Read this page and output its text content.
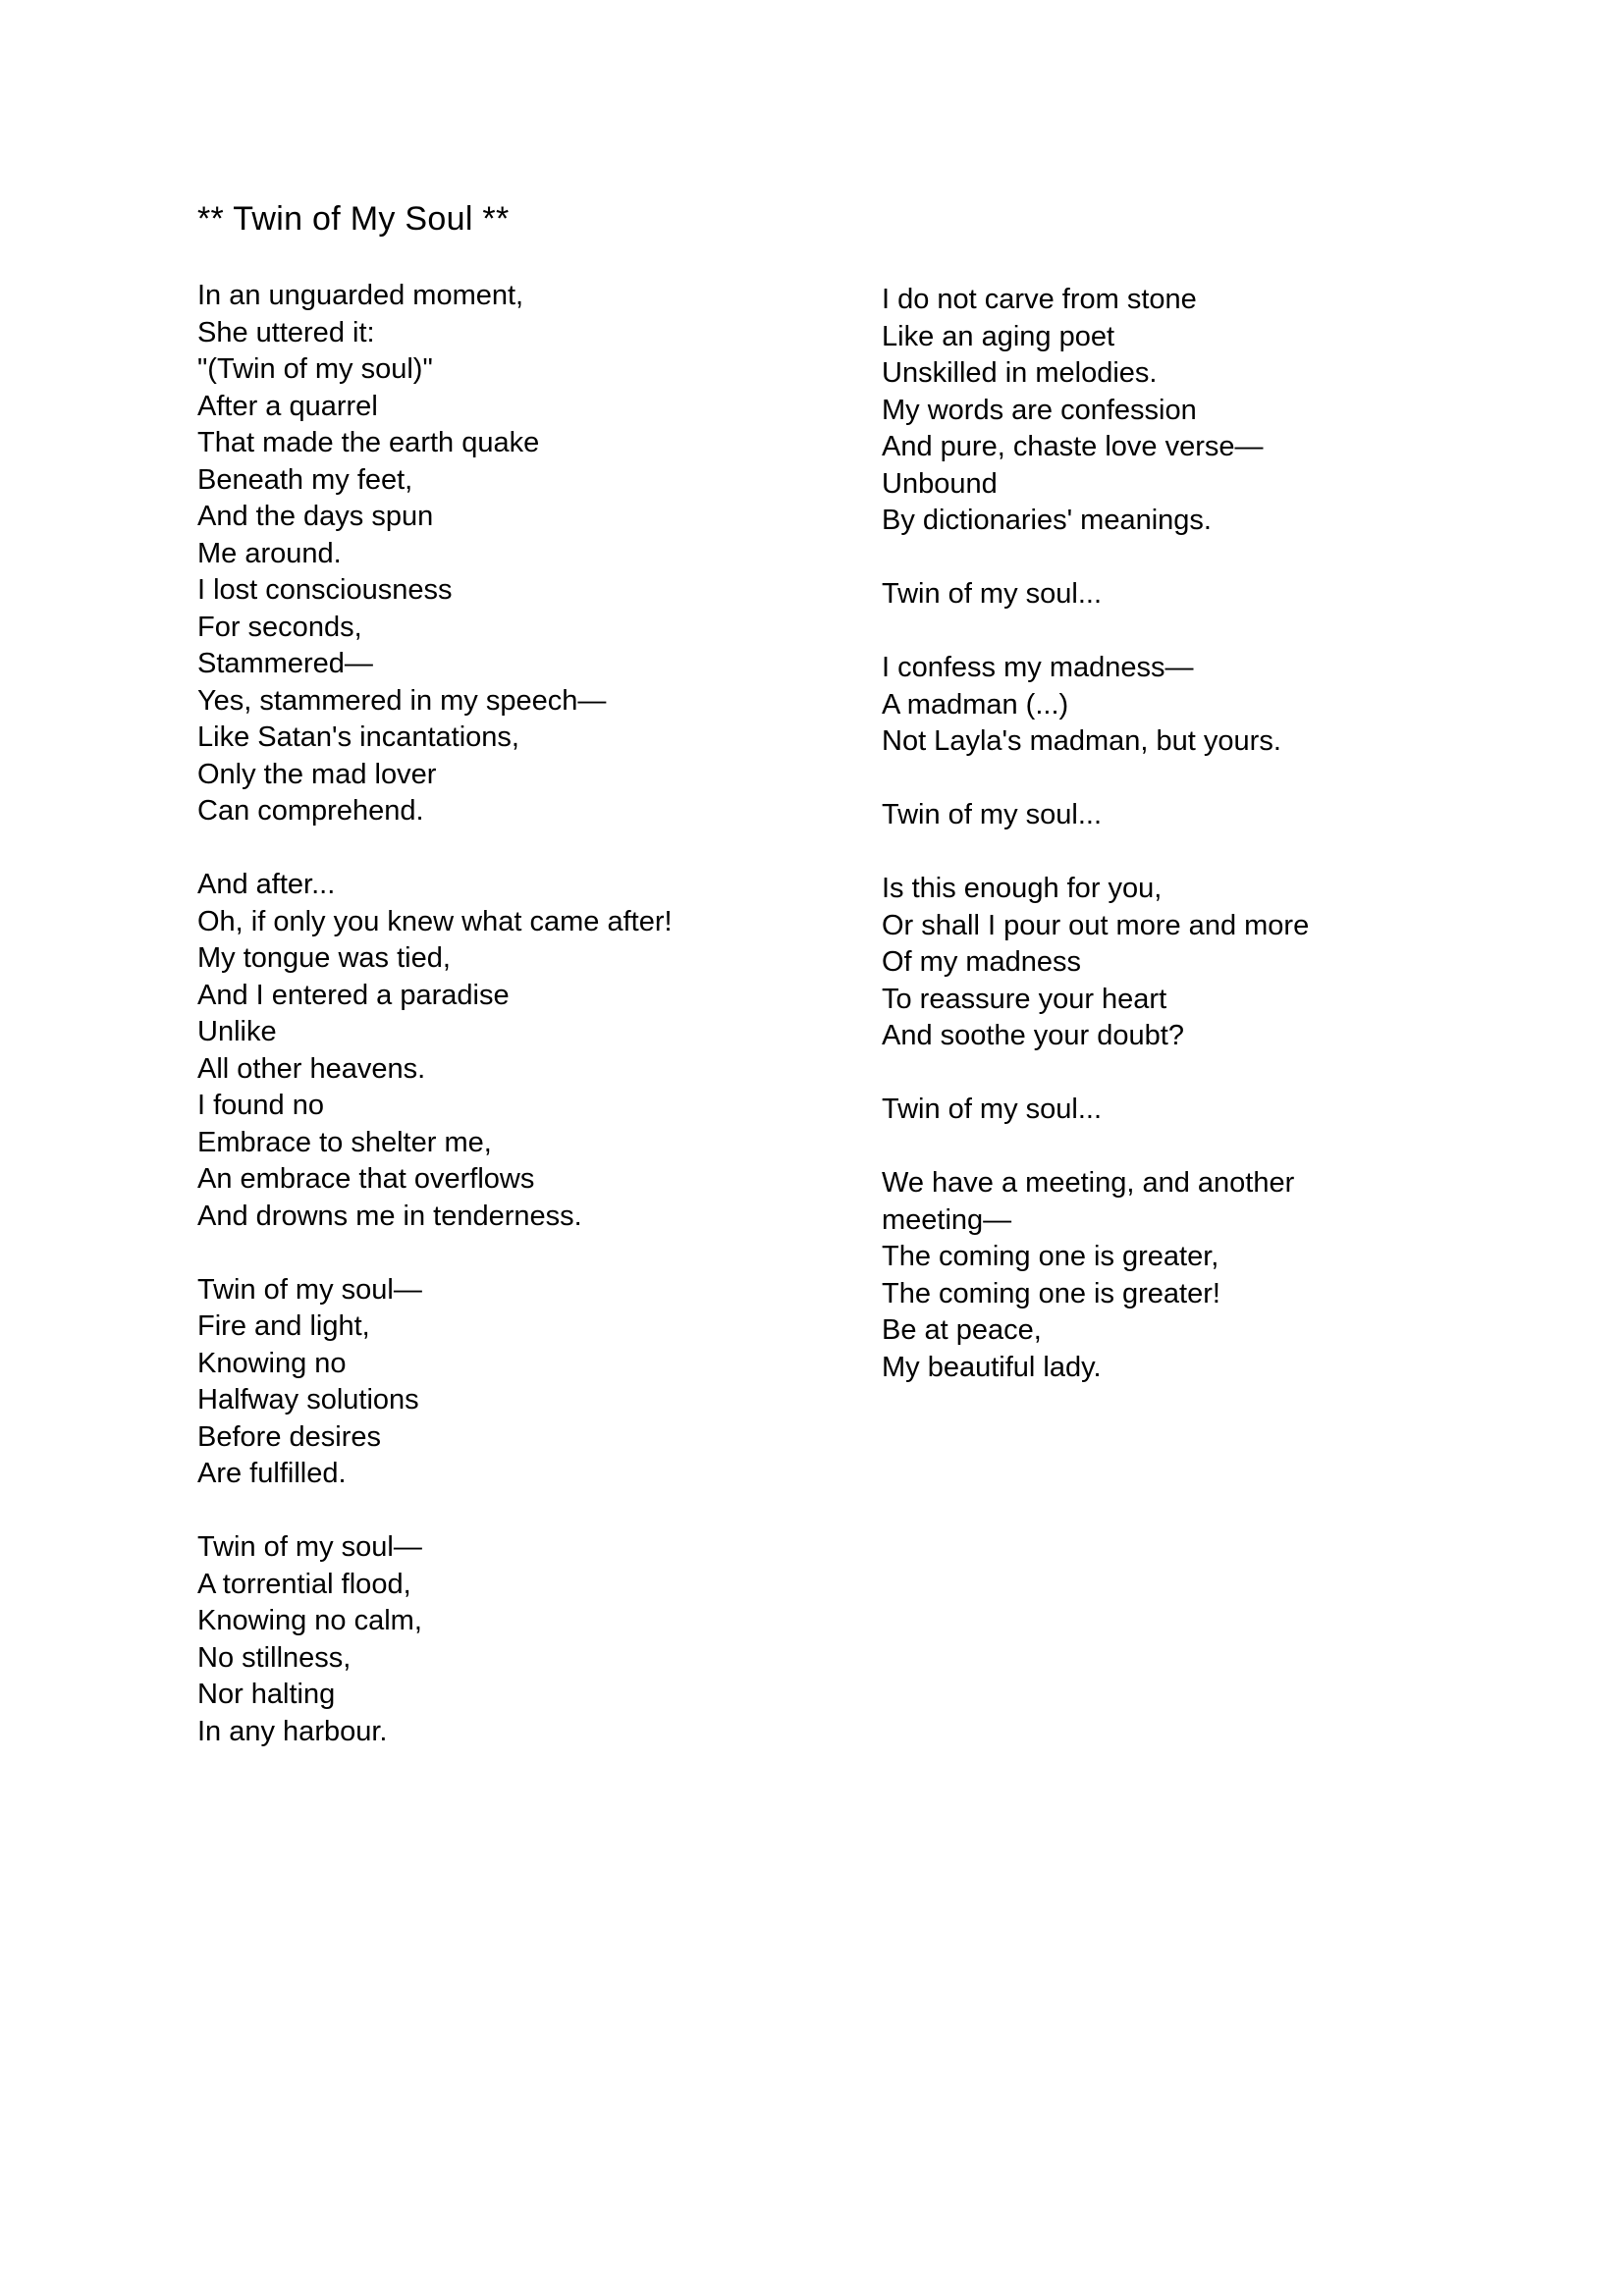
** Twin of My Soul **
In an unguarded moment,
She uttered it:
"(Twin of my soul)"
After a quarrel
That made the earth quake
Beneath my feet,
And the days spun
Me around.
I lost consciousness
For seconds,
Stammered—
Yes, stammered in my speech—
Like Satan's incantations,
Only the mad lover
Can comprehend.
And after...
Oh, if only you knew what came after!
My tongue was tied,
And I entered a paradise
Unlike
All other heavens.
I found no
Embrace to shelter me,
An embrace that overflows
And drowns me in tenderness.
Twin of my soul—
Fire and light,
Knowing no
Halfway solutions
Before desires
Are fulfilled.
Twin of my soul—
A torrential flood,
Knowing no calm,
No stillness,
Nor halting
In any harbour.
I do not carve from stone
Like an aging poet
Unskilled in melodies.
My words are confession
And pure, chaste love verse—
Unbound
By dictionaries' meanings.
Twin of my soul...
I confess my madness—
A madman (...)
Not Layla's madman, but yours.
Twin of my soul...
Is this enough for you,
Or shall I pour out more and more
Of my madness
To reassure your heart
And soothe your doubt?
Twin of my soul...
We have a meeting, and another
meeting—
The coming one is greater,
The coming one is greater!
Be at peace,
My beautiful lady.
